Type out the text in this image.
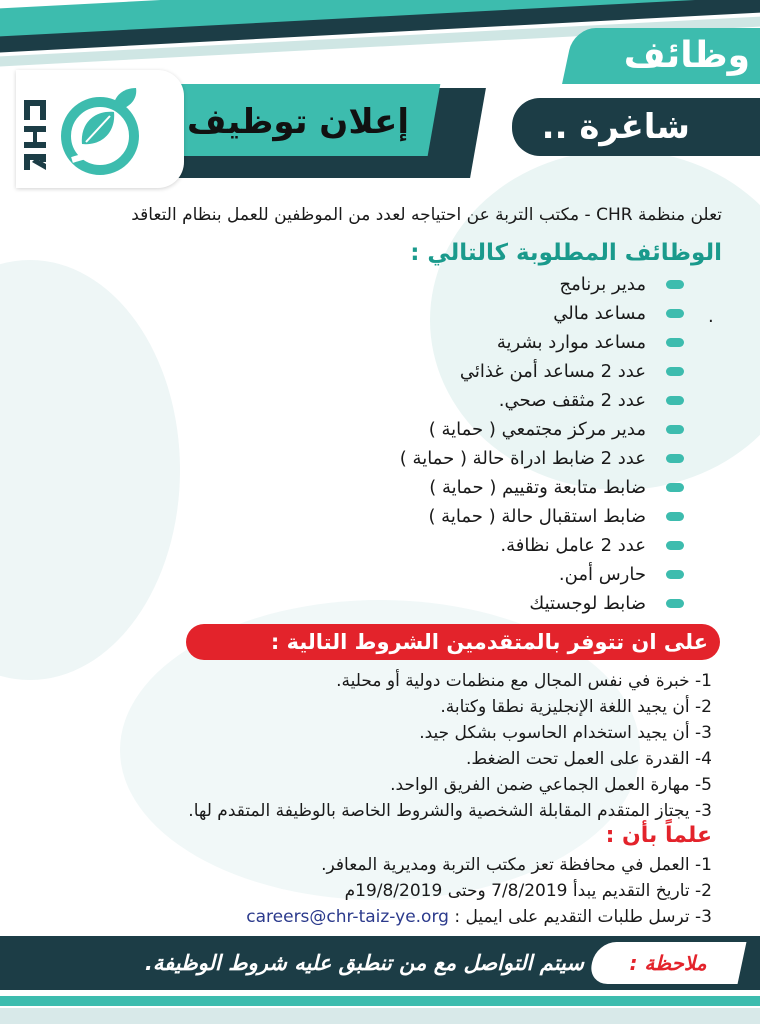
وظائف
شاغرة ..
إعلان توظيف
تعلن منظمة CHR - مكتب التربة عن احتياجه لعدد من الموظفين للعمل بنظام التعاقد
الوظائف المطلوبة كالتالي :
مدير برنامج
مساعد مالي
مساعد موارد بشرية
عدد 2 مساعد أمن غذائي
عدد 2 مثقف صحي.
مدير مركز مجتمعي ( حماية )
عدد 2 ضابط ادراة حالة ( حماية )
ضابط متابعة وتقييم ( حماية )
ضابط استقبال حالة ( حماية )
عدد 2 عامل نظافة.
حارس أمن.
ضابط لوجستيك
.
على ان تتوفر بالمتقدمين الشروط التالية :
1- خبرة في نفس المجال مع منظمات دولية أو محلية.
2- أن يجيد اللغة الإنجليزية نطقا وكتابة.
3- أن يجيد استخدام الحاسوب بشكل جيد.
4- القدرة على العمل تحت الضغط.
5- مهارة العمل الجماعي ضمن الفريق الواحد.
3- يجتاز المتقدم المقابلة الشخصية والشروط الخاصة بالوظيفة المتقدم لها.
علماً بأن :
1- العمل في محافظة تعز مكتب التربة ومديرية المعافر.
2- تاريخ التقديم يبدأ 7/8/2019 وحتى 19/8/2019م
3- ترسل طلبات التقديم على ايميل : careers@chr-taiz-ye.org
ملاحظة :
سيتم التواصل مع من تنطبق عليه شروط الوظيفة.
